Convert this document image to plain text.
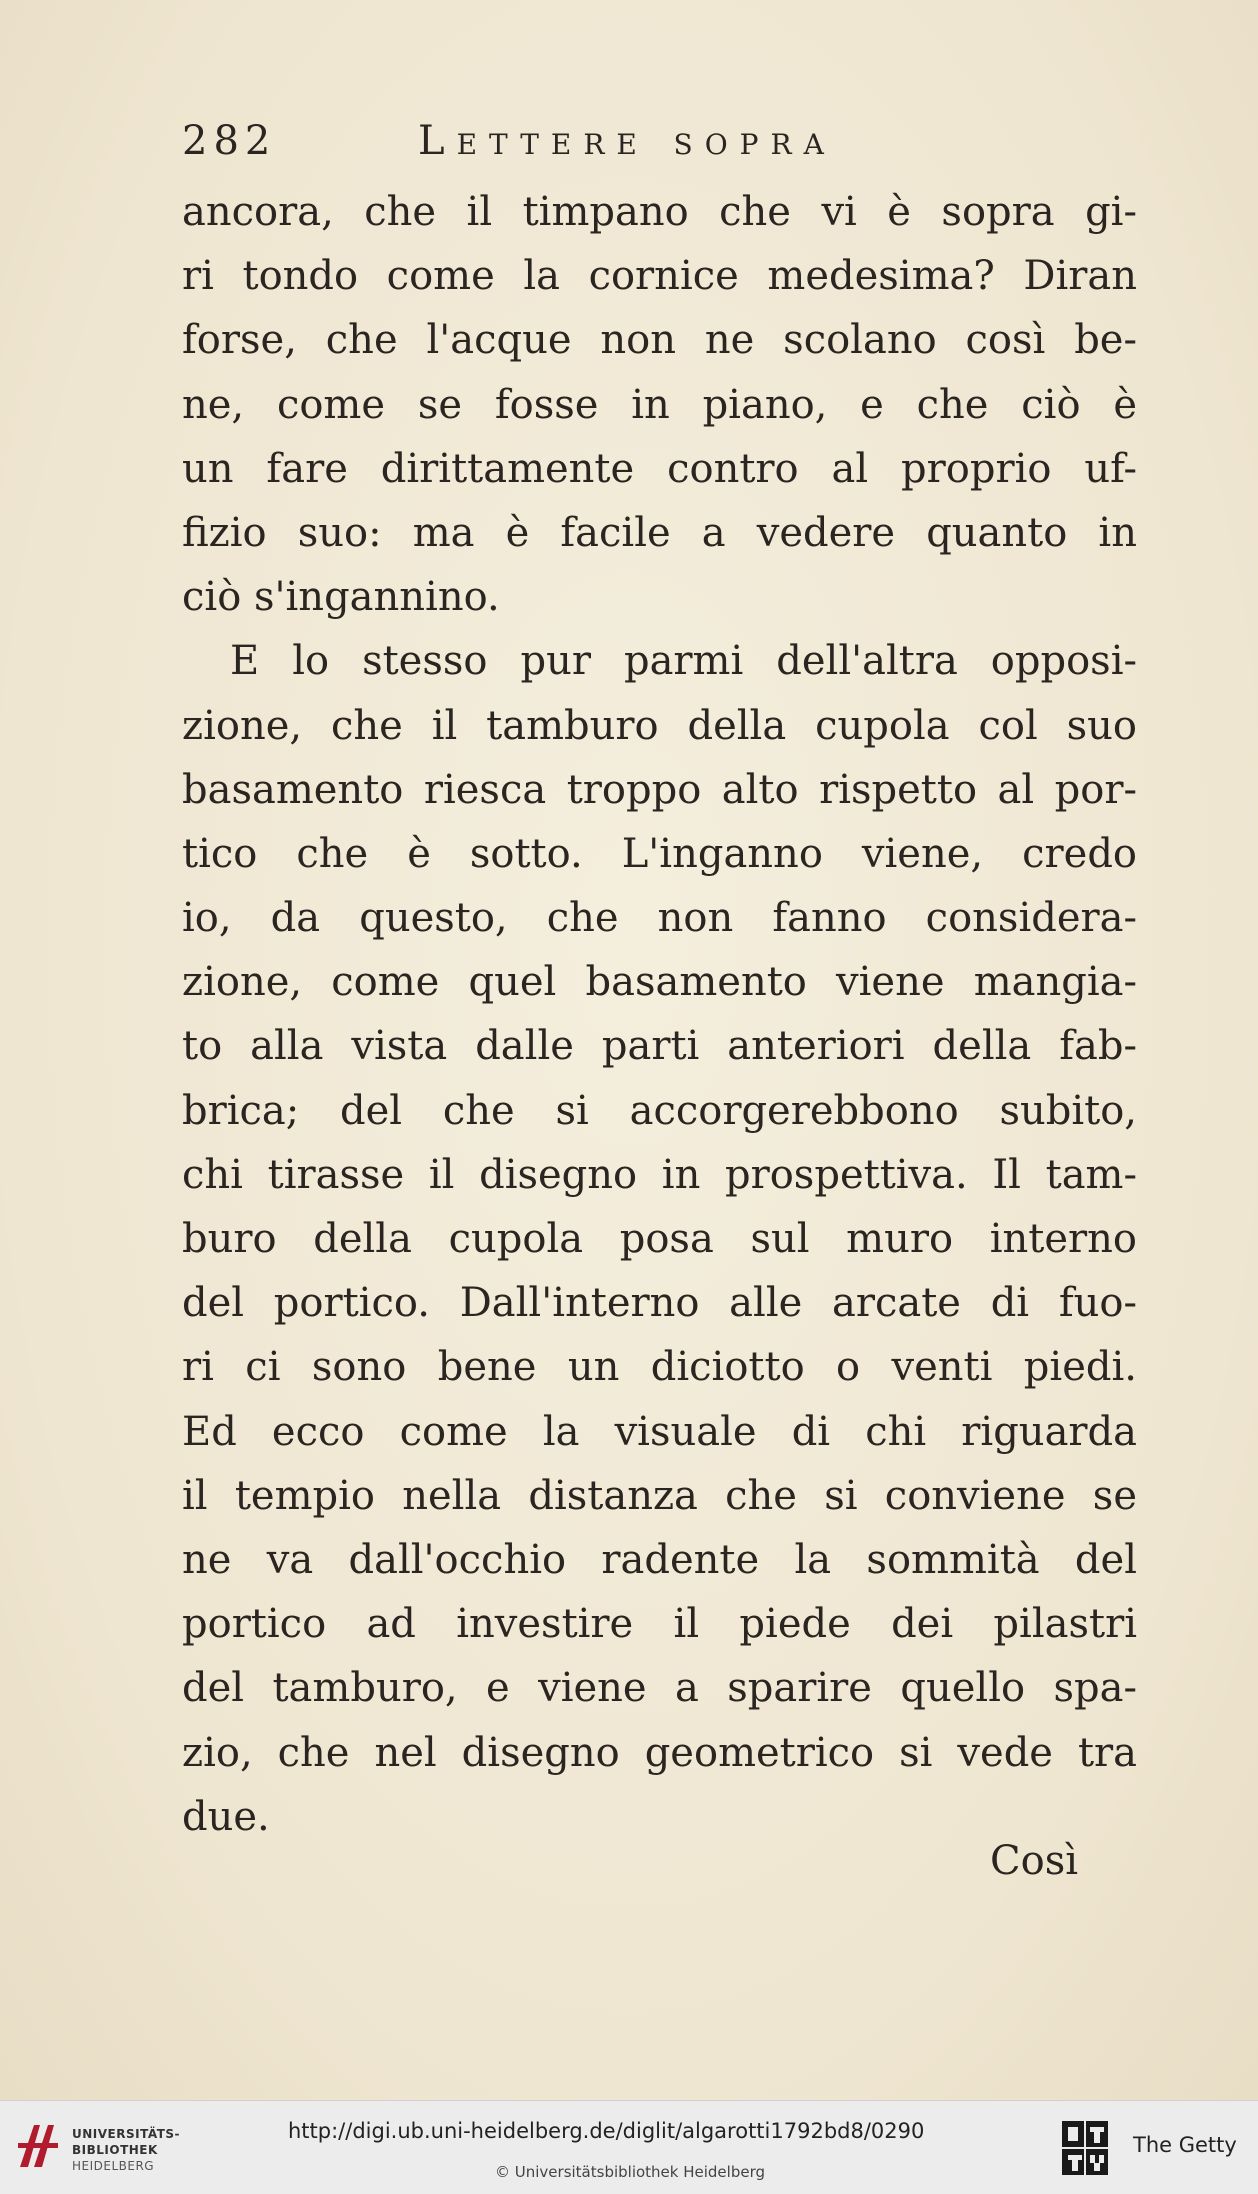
282	Lettere sopra
ancora, che il timpano che vi è sopra gi-
ri tondo come la cornice medesima? Diran
forse, che l'acque non ne scolano così be-
ne, come se fosse in piano, e che ciò è
un fare dirittamente contro al proprio uf-
fizio suo: ma è facile a vedere quanto in
ciò s'ingannino.
E lo stesso pur parmi dell'altra opposi-
zione, che il tamburo della cupola col suo
basamento riesca troppo alto rispetto al por-
tico che è sotto. L'inganno viene, credo
io, da questo, che non fanno considera-
zione, come quel basamento viene mangia-
to alla vista dalle parti anteriori della fab-
brica; del che si accorgerebbono subito,
chi tirasse il disegno in prospettiva. Il tam-
buro della cupola posa sul muro interno
del portico. Dall'interno alle arcate di fuo-
ri ci sono bene un diciotto o venti piedi.
Ed ecco come la visuale di chi riguarda
il tempio nella distanza che si conviene se
ne va dall'occhio radente la sommità del
portico ad investire il piede dei pilastri
del tamburo, e viene a sparire quello spa-
zio, che nel disegno geometrico si vede tra
due.
Così
UNIVERSITÄTS-
BIBLIOTHEK
HEIDELBERG
http://digi.ub.uni-heidelberg.de/diglit/algarotti1792bd8/0290
© Universitätsbibliothek Heidelberg
The Getty
